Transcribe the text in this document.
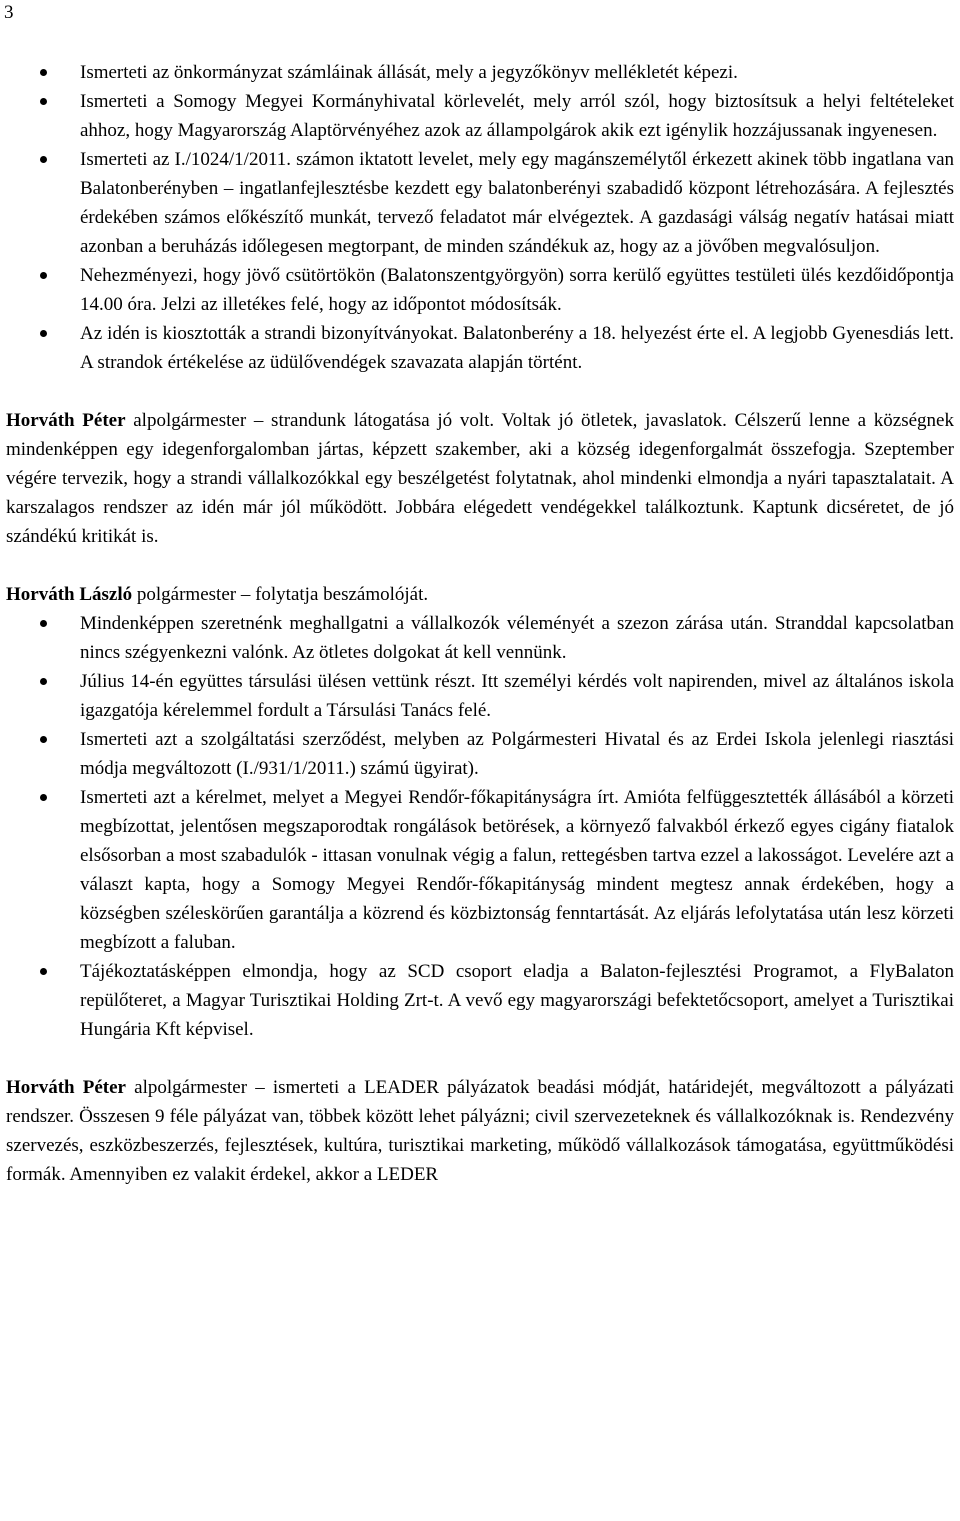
3
Ismerteti az önkormányzat számláinak állását, mely a jegyzőkönyv mellékletét képezi.
Ismerteti a Somogy Megyei Kormányhivatal körlevelét, mely arról szól, hogy biztosítsuk a helyi feltételeket ahhoz, hogy Magyarország Alaptörvényéhez azok az állampolgárok akik ezt igénylik hozzájussanak ingyenesen.
Ismerteti az I./1024/1/2011. számon iktatott levelet, mely egy magánszemélytől érkezett akinek több ingatlana van Balatonberényben – ingatlanfejlesztésbe kezdett egy balatonberényi szabadidő központ létrehozására. A fejlesztés érdekében számos előkészítő munkát, tervező feladatot már elvégeztek. A gazdasági válság negatív hatásai miatt azonban a beruházás időlegesen megtorpant, de minden szándékuk az, hogy az a jövőben megvalósuljon.
Nehezményezi, hogy jövő csütörtökön (Balatonszentgyörgyön) sorra kerülő együttes testületi ülés kezdőidőpontja 14.00 óra. Jelzi az illetékes felé, hogy az időpontot módosítsák.
Az idén is kiosztották a strandi bizonyítványokat. Balatonberény a 18. helyezést érte el. A legjobb Gyenesdiás lett. A strandok értékelése az üdülővendégek szavazata alapján történt.

Horváth Péter alpolgármester – strandunk látogatása jó volt. Voltak jó ötletek, javaslatok. Célszerű lenne a községnek mindenképpen egy idegenforgalomban jártas, képzett szakember, aki a község idegenforgalmát összefogja. Szeptember végére tervezik, hogy a strandi vállalkozókkal egy beszélgetést folytatnak, ahol mindenki elmondja a nyári tapasztalatait. A karszalagos rendszer az idén már jól működött. Jobbára elégedett vendégekkel találkoztunk. Kaptunk dicséretet, de jó szándékú kritikát is.

Horváth László polgármester – folytatja beszámolóját.

Mindenképpen szeretnénk meghallgatni a vállalkozók véleményét a szezon zárása után. Stranddal kapcsolatban nincs szégyenkezni valónk. Az ötletes dolgokat át kell vennünk.
Július 14-én együttes társulási ülésen vettünk részt. Itt személyi kérdés volt napirenden, mivel az általános iskola igazgatója kérelemmel fordult a Társulási Tanács felé.
Ismerteti azt a szolgáltatási szerződést, melyben az Polgármesteri Hivatal és az Erdei Iskola jelenlegi riasztási módja megváltozott (I./931/1/2011.) számú ügyirat).
Ismerteti azt a kérelmet, melyet a Megyei Rendőr-főkapitányságra írt. Amióta felfüggesztették állásából a körzeti megbízottat, jelentősen megszaporodtak rongálások betörések, a környező falvakból érkező egyes cigány fiatalok elsősorban a most szabadulók - ittasan vonulnak végig a falun, rettegésben tartva ezzel a lakosságot. Levelére azt a választ kapta, hogy a Somogy Megyei Rendőr-főkapitányság mindent megtesz annak érdekében, hogy a községben széleskörűen garantálja a közrend és közbiztonság fenntartását. Az eljárás lefolytatása után lesz körzeti megbízott a faluban.
Tájékoztatásképpen elmondja, hogy az SCD csoport eladja a Balaton-fejlesztési Programot, a FlyBalaton repülőteret, a Magyar Turisztikai Holding Zrt-t. A vevő egy magyarországi befektetőcsoport, amelyet a Turisztikai Hungária Kft képvisel.

Horváth Péter alpolgármester – ismerteti a LEADER pályázatok beadási módját, határidejét, megváltozott a pályázati rendszer. Összesen 9 féle pályázat van, többek között lehet pályázni; civil szervezeteknek és vállalkozóknak is. Rendezvény szervezés, eszközbeszerzés, fejlesztések, kultúra, turisztikai marketing, működő vállalkozások támogatása, együttműködési formák. Amennyiben ez valakit érdekel, akkor a LEDER
